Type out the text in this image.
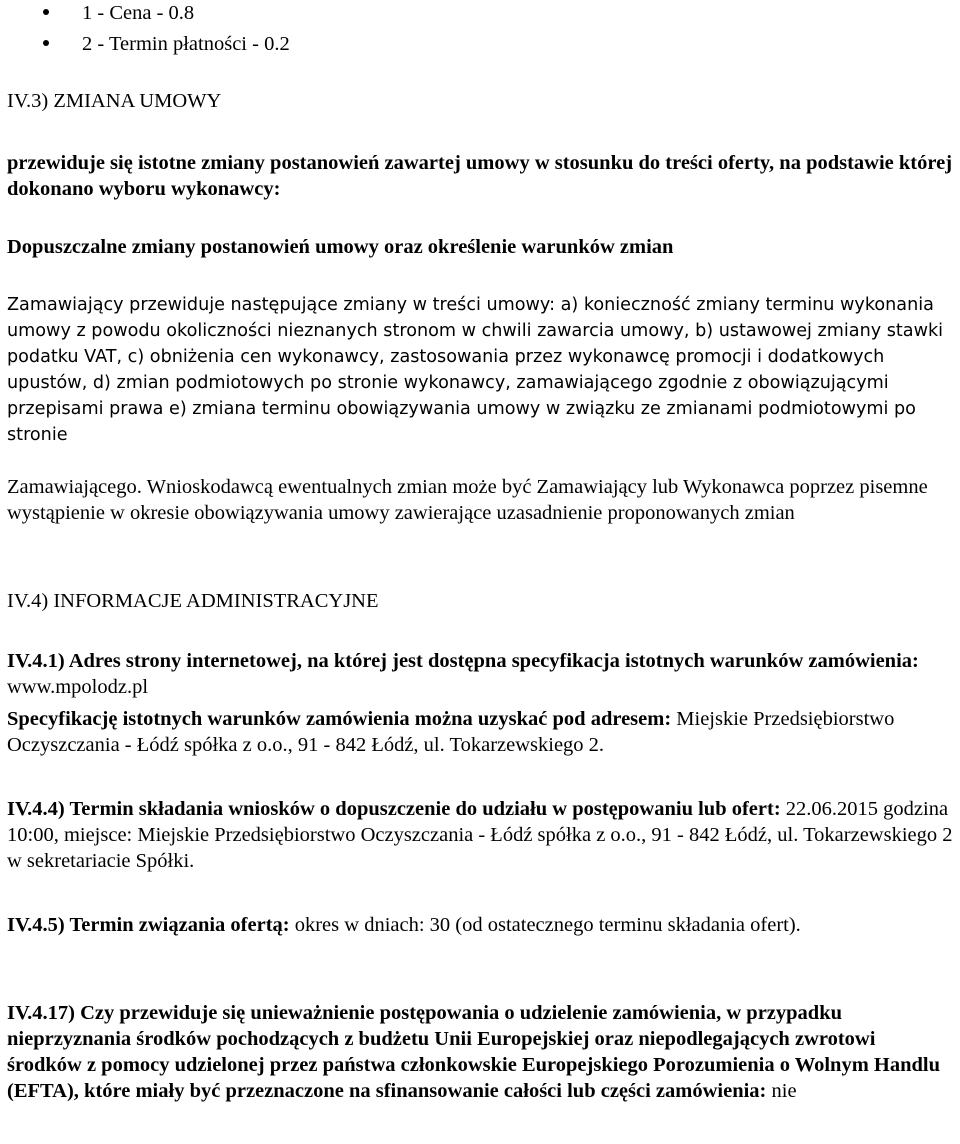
1 - Cena - 0.8
2 - Termin płatności - 0.2

IV.3) ZMIANA UMOWY

przewiduje się istotne zmiany postanowień zawartej umowy w stosunku do treści oferty, na podstawie której dokonano wyboru wykonawcy:

Dopuszczalne zmiany postanowień umowy oraz określenie warunków zmian

Zamawiający przewiduje następujące zmiany w treści umowy: a) konieczność zmiany terminu wykonania umowy z powodu okoliczności nieznanych stronom w chwili zawarcia umowy, b) ustawowej zmiany stawki podatku VAT, c) obniżenia cen wykonawcy, zastosowania przez wykonawcę promocji i dodatkowych upustów, d) zmian podmiotowych po stronie wykonawcy, zamawiającego zgodnie z obowiązującymi przepisami prawa e) zmiana terminu obowiązywania umowy w związku ze zmianami podmiotowymi po stronie

Zamawiającego. Wnioskodawcą ewentualnych zmian może być Zamawiający lub Wykonawca poprzez pisemne wystąpienie w okresie obowiązywania umowy zawierające uzasadnienie proponowanych zmian

IV.4) INFORMACJE ADMINISTRACYJNE

IV.4.1) Adres strony internetowej, na której jest dostępna specyfikacja istotnych warunków zamówienia: www.mpolodz.pl

Specyfikację istotnych warunków zamówienia można uzyskać pod adresem: Miejskie Przedsiębiorstwo Oczyszczania - Łódź spółka z o.o., 91 - 842 Łódź, ul. Tokarzewskiego 2.

IV.4.4) Termin składania wniosków o dopuszczenie do udziału w postępowaniu lub ofert: 22.06.2015 godzina 10:00, miejsce: Miejskie Przedsiębiorstwo Oczyszczania - Łódź spółka z o.o., 91 - 842 Łódź, ul. Tokarzewskiego 2 w sekretariacie Spółki.

IV.4.5) Termin związania ofertą: okres w dniach: 30 (od ostatecznego terminu składania ofert).

IV.4.17) Czy przewiduje się unieważnienie postępowania o udzielenie zamówienia, w przypadku nieprzyznania środków pochodzących z budżetu Unii Europejskiej oraz niepodlegających zwrotowi środków z pomocy udzielonej przez państwa członkowskie Europejskiego Porozumienia o Wolnym Handlu (EFTA), które miały być przeznaczone na sfinansowanie całości lub części zamówienia: nie
